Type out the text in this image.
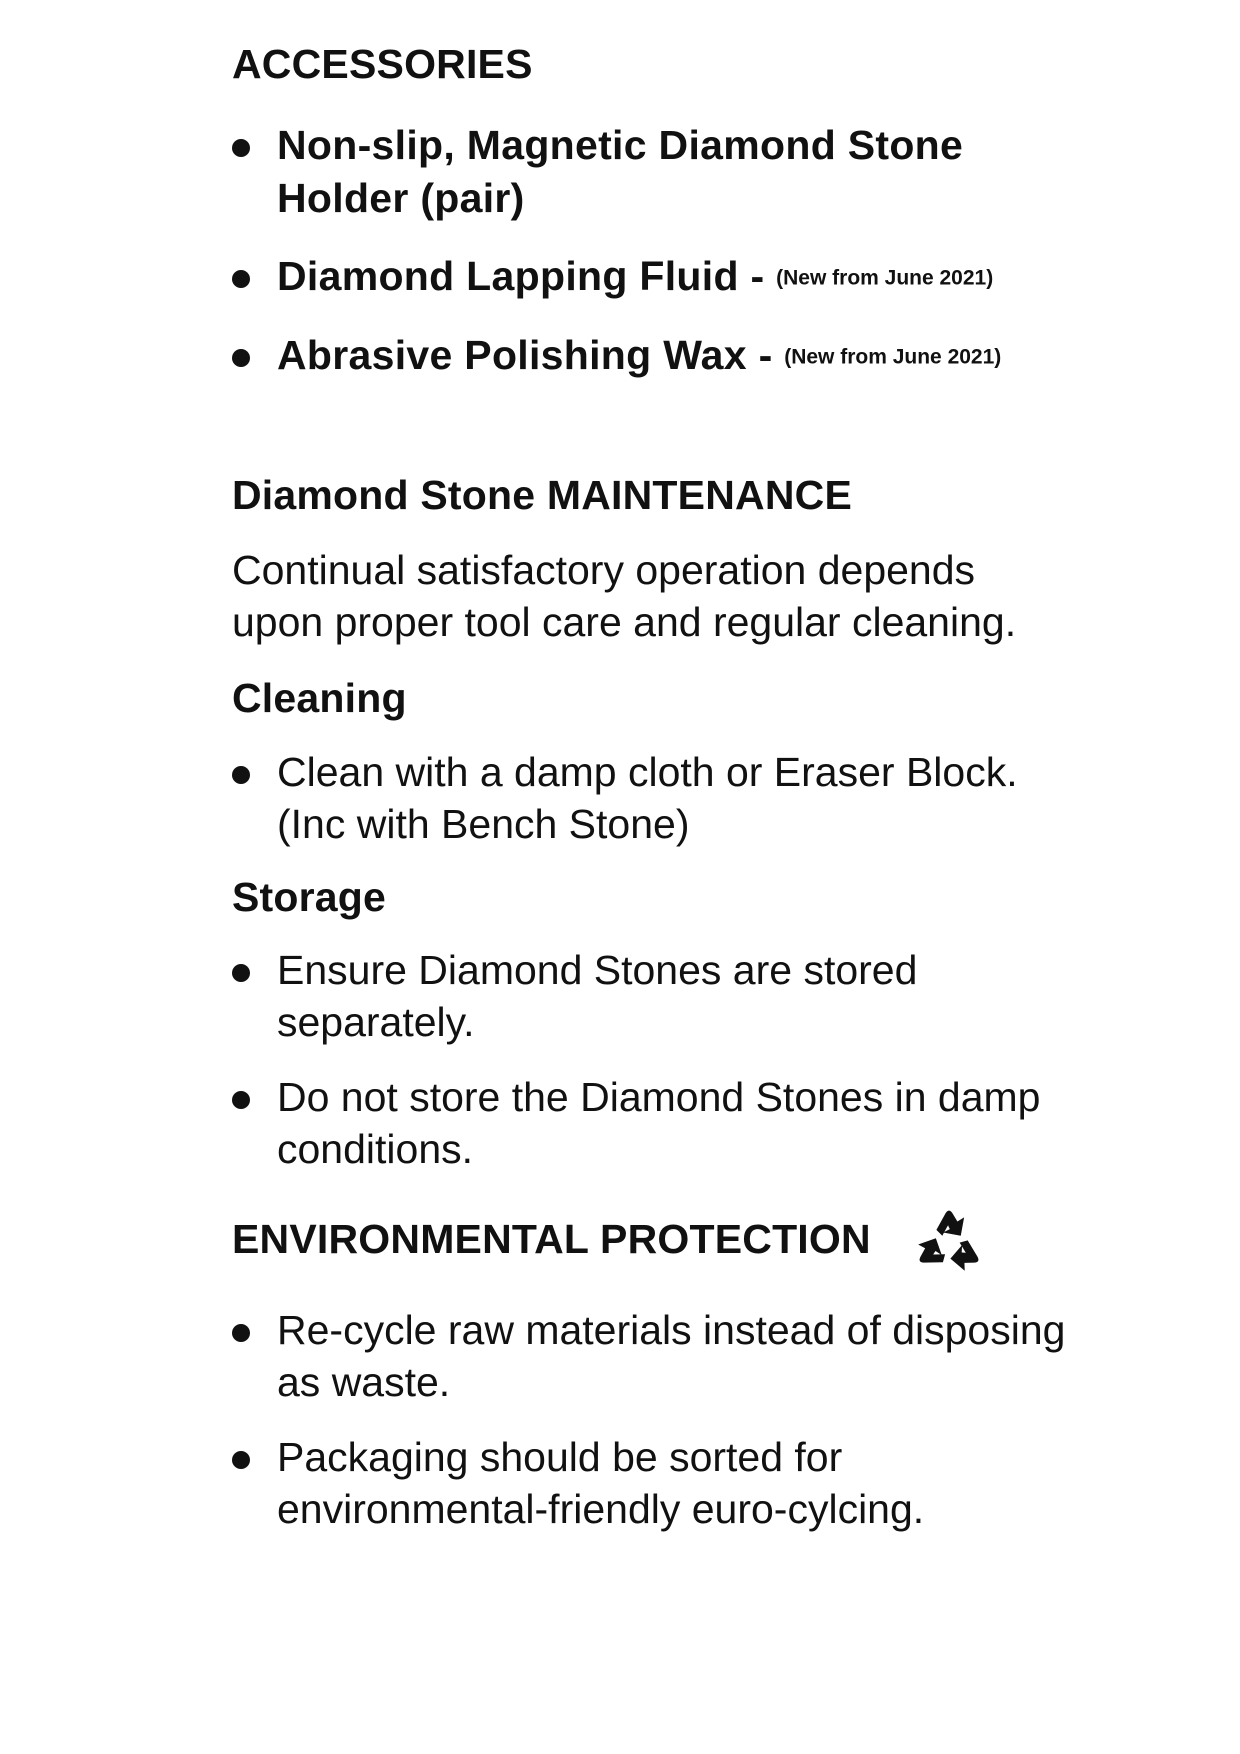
ACCESSORIES
Non-slip, Magnetic Diamond Stone Holder (pair)
Diamond Lapping Fluid - (New from June 2021)
Abrasive Polishing Wax - (New from June 2021)
Diamond Stone MAINTENANCE

Continual satisfactory operation depends upon proper tool care and regular cleaning.

Cleaning
Clean with a damp cloth or Eraser Block. (Inc with Bench Stone)
Storage
Ensure Diamond Stones are stored separately.
Do not store the Diamond Stones in damp conditions.
ENVIRONMENTAL PROTECTION
Re-cycle raw materials instead of disposing as waste.
Packaging should be sorted for environmental-friendly euro-cylcing.
